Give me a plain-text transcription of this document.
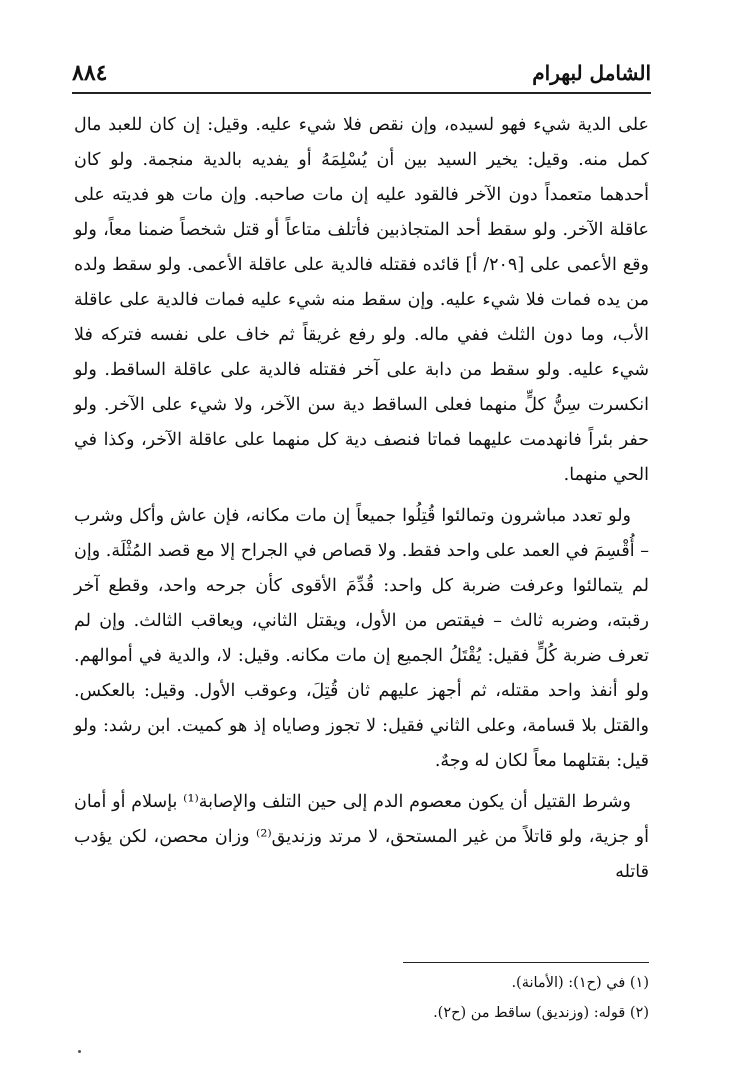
الشامل لبهرام
٨٨٤

على الدية شيء فهو لسيده، وإن نقص فلا شيء عليه. وقيل: إن كان للعبد مال كمل منه. وقيل: يخير السيد بين أن يُسْلِمَهُ أو يفديه بالدية منجمة. ولو كان أحدهما متعمداً دون الآخر فالقود عليه إن مات صاحبه. وإن مات هو فديته على عاقلة الآخر. ولو سقط أحد المتجاذبين فأتلف متاعاً أو قتل شخصاً ضمنا معاً، ولو وقع الأعمى على [٢٠٩/ أ] قائده فقتله فالدية على عاقلة الأعمى. ولو سقط ولده من يده فمات فلا شيء عليه. وإن سقط منه شيء عليه فمات فالدية على عاقلة الأب، وما دون الثلث ففي ماله. ولو رفع غريقاً ثم خاف على نفسه فتركه فلا شيء عليه. ولو سقط من دابة على آخر فقتله فالدية على عاقلة الساقط. ولو انكسرت سِنُّ كلٍّ منهما فعلى الساقط دية سن الآخر، ولا شيء على الآخر. ولو حفر بئراً فانهدمت عليهما فماتا فنصف دية كل منهما على عاقلة الآخر، وكذا في الحي منهما.

ولو تعدد مباشرون وتمالئوا قُتِلُوا جميعاً إن مات مكانه، فإن عاش وأكل وشرب – أُقْسِمَ في العمد على واحد فقط. ولا قصاص في الجراح إلا مع قصد المُثْلَة. وإن لم يتمالئوا وعرفت ضربة كل واحد: قُدِّمَ الأقوى كأن جرحه واحد، وقطع آخر رقبته، وضربه ثالث – فيقتص من الأول، ويقتل الثاني، ويعاقب الثالث. وإن لم تعرف ضربة كُلٍّ فقيل: يُقْتَلُ الجميع إن مات مكانه. وقيل: لا، والدية في أموالهم. ولو أنفذ واحد مقتله، ثم أجهز عليهم ثان قُتِلَ، وعوقب الأول. وقيل: بالعكس. والقتل بلا قسامة، وعلى الثاني فقيل: لا تجوز وصاياه إذ هو كميت. ابن رشد: ولو قيل: بقتلهما معاً لكان له وجهٌ.

وشرط القتيل أن يكون معصوم الدم إلى حين التلف والإصابة⁽¹⁾ بإسلام أو أمان أو جزية، ولو قاتلاً من غير المستحق، لا مرتد وزنديق⁽²⁾ وزان محصن، لكن يؤدب قاتله

(١) في (ح١): (الأمانة).

(٢) قوله: (وزنديق) ساقط من (ح٢).
